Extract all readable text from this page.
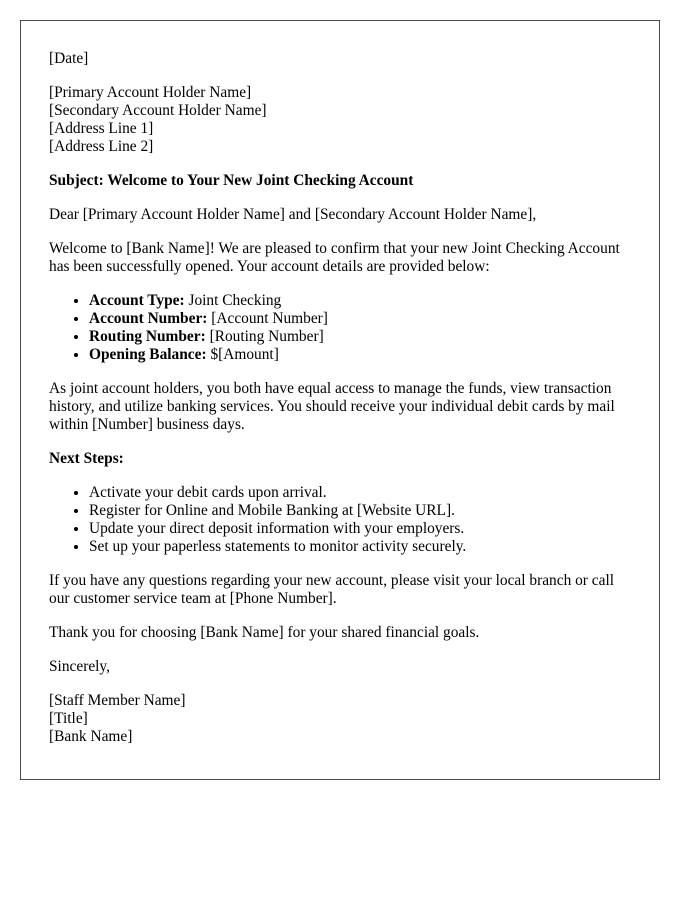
[Date]

[Primary Account Holder Name]
[Secondary Account Holder Name]
[Address Line 1]
[Address Line 2]

Subject: Welcome to Your New Joint Checking Account

Dear [Primary Account Holder Name] and [Secondary Account Holder Name],

Welcome to [Bank Name]! We are pleased to confirm that your new Joint Checking Account has been successfully opened. Your account details are provided below:

• Account Type: Joint Checking
• Account Number: [Account Number]
• Routing Number: [Routing Number]
• Opening Balance: $[Amount]

As joint account holders, you both have equal access to manage the funds, view transaction history, and utilize banking services. You should receive your individual debit cards by mail within [Number] business days.

Next Steps:

• Activate your debit cards upon arrival.
• Register for Online and Mobile Banking at [Website URL].
• Update your direct deposit information with your employers.
• Set up your paperless statements to monitor activity securely.

If you have any questions regarding your new account, please visit your local branch or call our customer service team at [Phone Number].

Thank you for choosing [Bank Name] for your shared financial goals.

Sincerely,

[Staff Member Name]
[Title]
[Bank Name]
